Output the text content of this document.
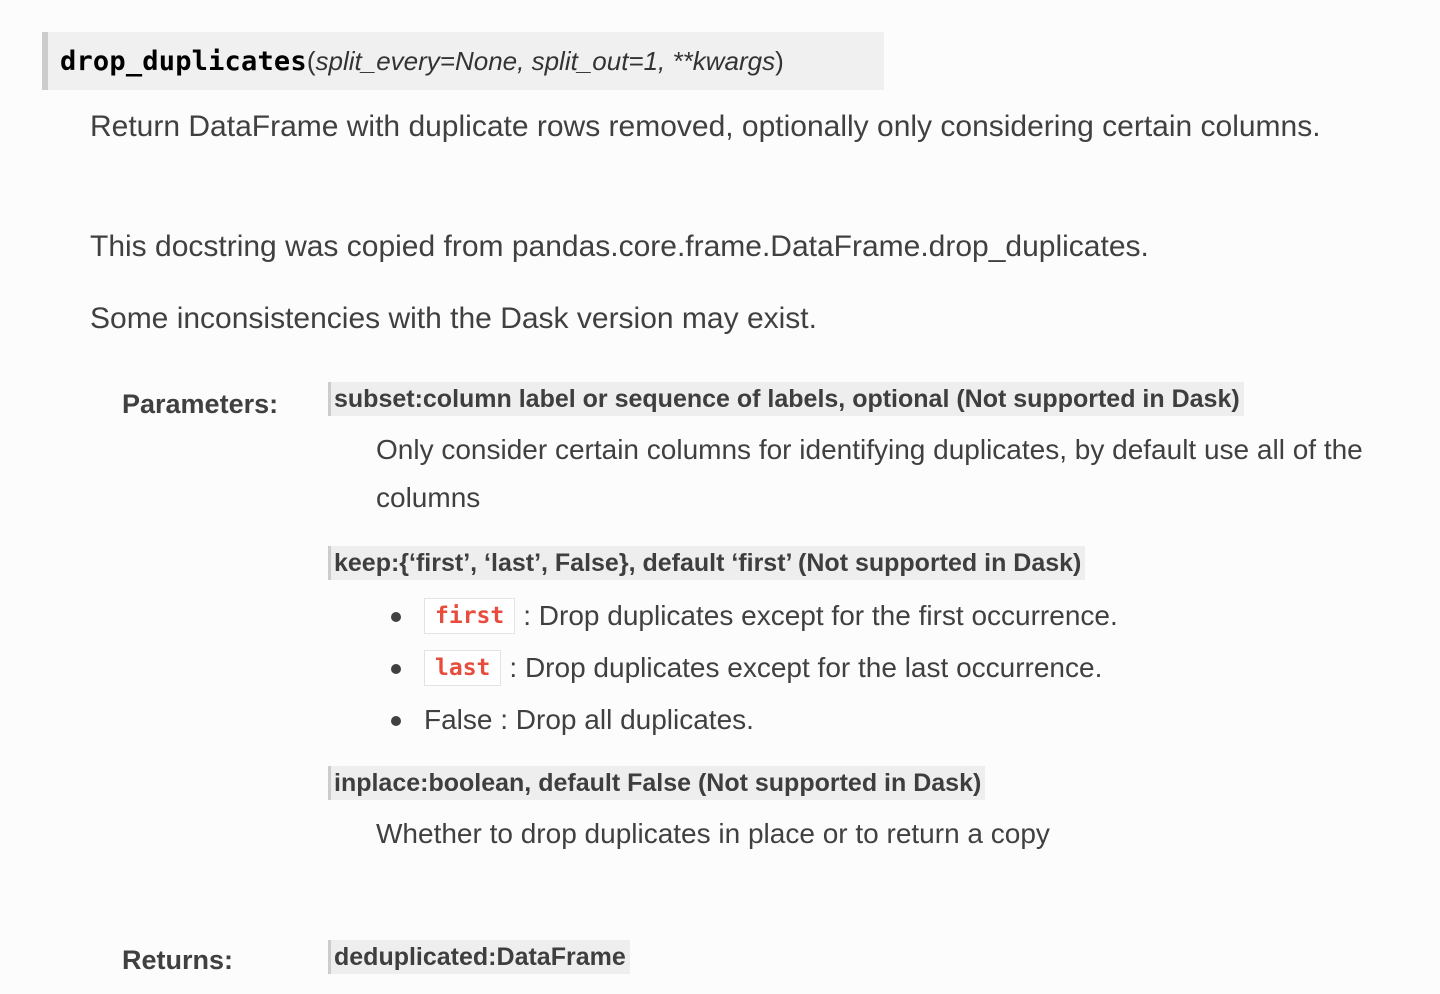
drop_duplicates ( split_every=None, split_out=1, **kwargs )

Return DataFrame with duplicate rows removed, optionally only considering certain columns.

This docstring was copied from pandas.core.frame.DataFrame.drop_duplicates.

Some inconsistencies with the Dask version may exist.

Parameters: subset:column label or sequence of labels, optional (Not supported in Dask)

Only consider certain columns for identifying duplicates, by default use all of the columns

keep:{‘first’, ‘last’, False}, default ‘first’ (Not supported in Dask)
first : Drop duplicates except for the first occurrence.
last : Drop duplicates except for the last occurrence.
False : Drop all duplicates.
inplace:boolean, default False (Not supported in Dask)

Whether to drop duplicates in place or to return a copy

Returns:	deduplicated:DataFrame
